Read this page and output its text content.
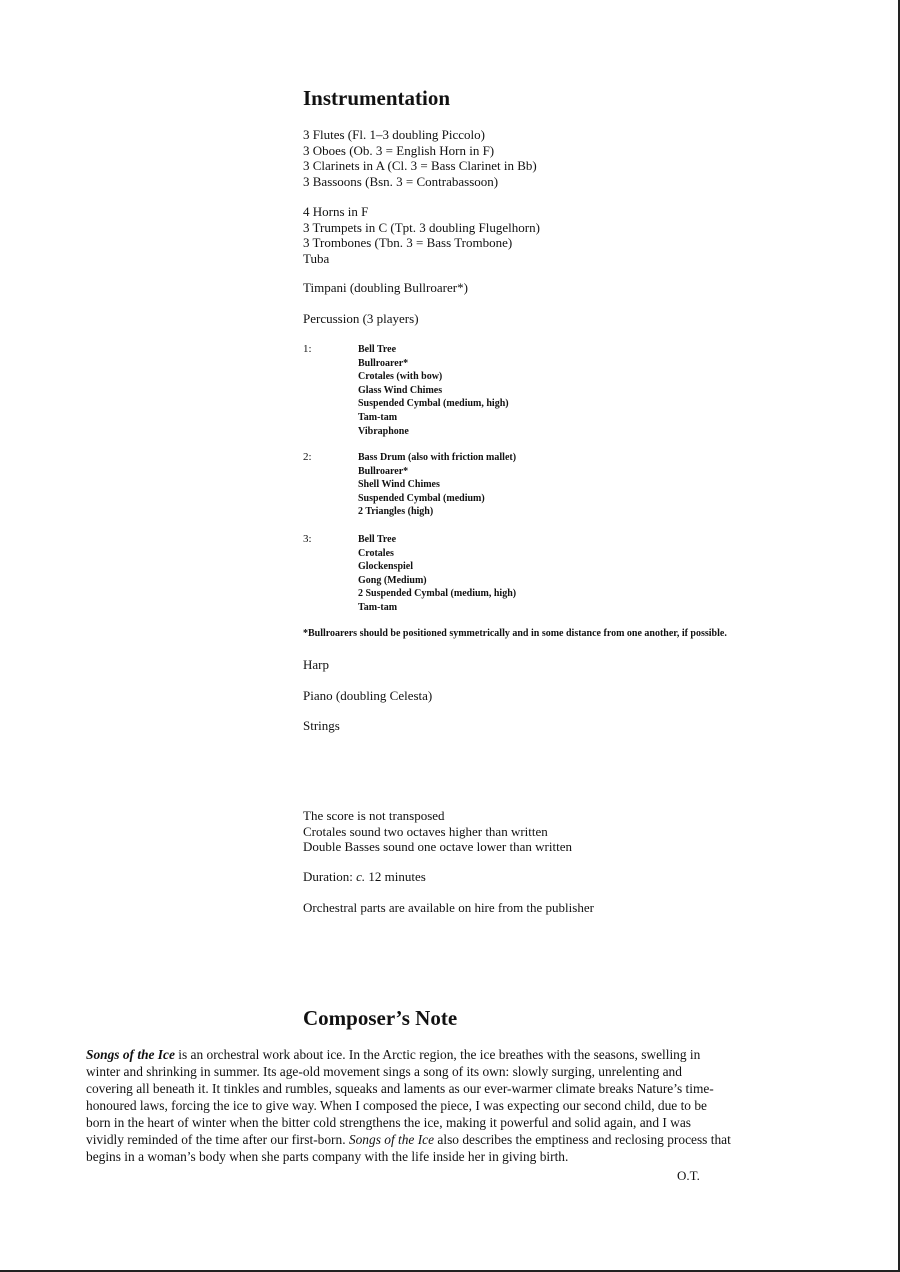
Instrumentation
3 Flutes (Fl. 1–3 doubling Piccolo)
3 Oboes (Ob. 3 = English Horn in F)
3 Clarinets in A (Cl. 3 = Bass Clarinet in Bb)
3 Bassoons (Bsn. 3 = Contrabassoon)
4 Horns in F
3 Trumpets in C (Tpt. 3 doubling Flugelhorn)
3 Trombones (Tbn. 3 = Bass Trombone)
Tuba
Timpani (doubling Bullroarer*)
Percussion (3 players)
1:	Bell Tree
Bullroarer*
Crotales (with bow)
Glass Wind Chimes
Suspended Cymbal (medium, high)
Tam-tam
Vibraphone
2:	Bass Drum (also with friction mallet)
Bullroarer*
Shell Wind Chimes
Suspended Cymbal (medium)
2 Triangles (high)
3:	Bell Tree
Crotales
Glockenspiel
Gong (Medium)
2 Suspended Cymbal (medium, high)
Tam-tam
*Bullroarers should be positioned symmetrically and in some distance from one another, if possible.
Harp
Piano (doubling Celesta)
Strings
The score is not transposed
Crotales sound two octaves higher than written
Double Basses sound one octave lower than written
Duration: c. 12 minutes
Orchestral parts are available on hire from the publisher
Composer’s Note
Songs of the Ice is an orchestral work about ice. In the Arctic region, the ice breathes with the seasons, swelling in
winter and shrinking in summer. Its age-old movement sings a song of its own: slowly surging, unrelenting and
covering all beneath it. It tinkles and rumbles, squeaks and laments as our ever-warmer climate breaks Nature’s time-
honoured laws, forcing the ice to give way. When I composed the piece, I was expecting our second child, due to be
born in the heart of winter when the bitter cold strengthens the ice, making it powerful and solid again, and I was
vividly reminded of the time after our first-born. Songs of the Ice also describes the emptiness and reclosing process that
begins in a woman’s body when she parts company with the life inside her in giving birth.
O.T.
